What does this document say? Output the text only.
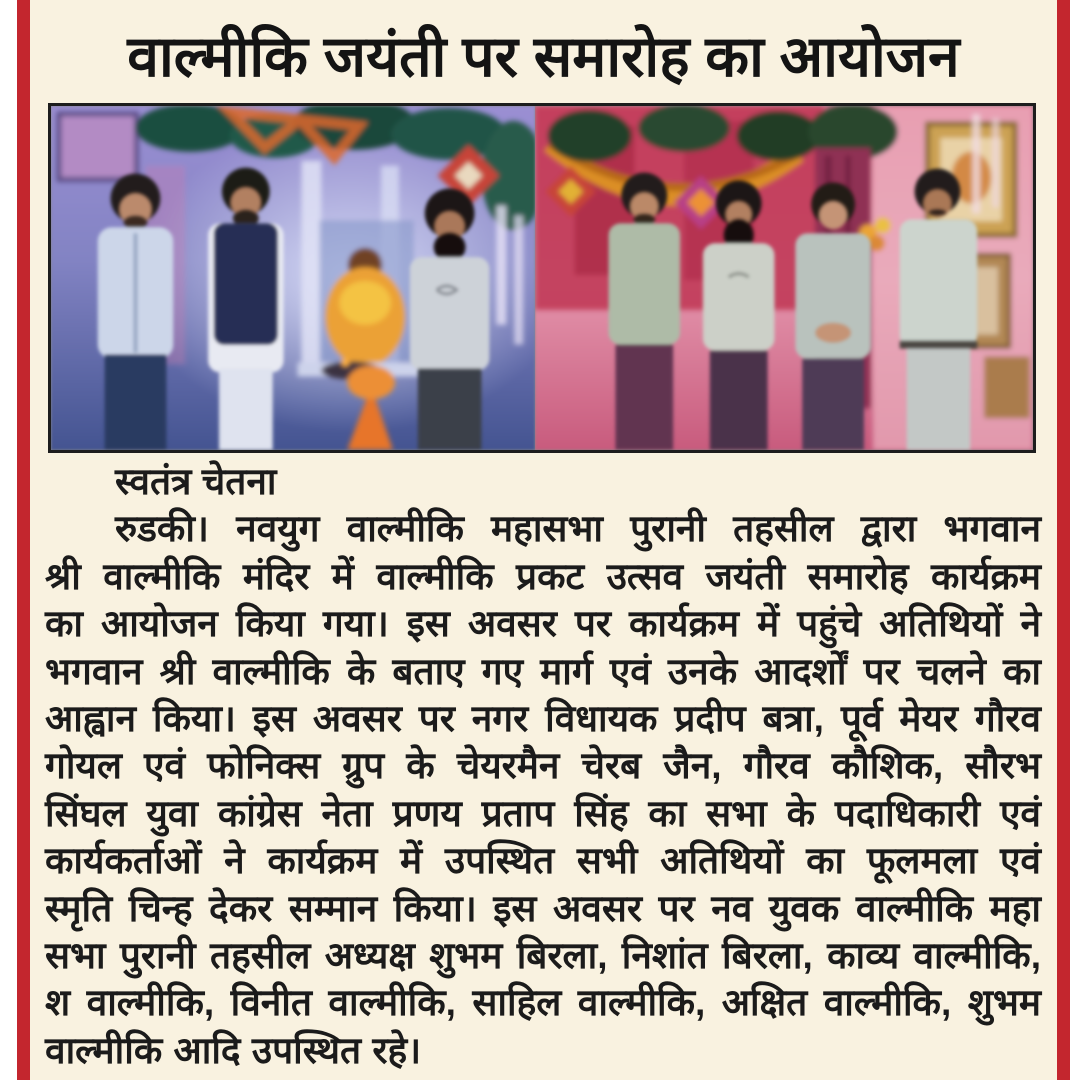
वाल्मीकि जयंती पर समारोह का आयोजन
स्वतंत्र चेतना
रुडकी। नवयुग वाल्मीकि महासभा पुरानी तहसील द्वारा भगवान
श्री वाल्मीकि मंदिर में वाल्मीकि प्रकट उत्सव जयंती समारोह कार्यक्रम
का आयोजन किया गया। इस अवसर पर कार्यक्रम में पहुंचे अतिथियों ने
भगवान श्री वाल्मीकि के बताए गए मार्ग एवं उनके आदर्शों पर चलने का
आह्वान किया। इस अवसर पर नगर विधायक प्रदीप बत्रा, पूर्व मेयर गौरव
गोयल एवं फोनिक्स ग्रुप के चेयरमैन चेरब जैन, गौरव कौशिक, सौरभ
सिंघल युवा कांग्रेस नेता प्रणय प्रताप सिंह का सभा के पदाधिकारी एवं
कार्यकर्ताओं ने कार्यक्रम में उपस्थित सभी अतिथियों का फूलमला एवं
स्मृति चिन्ह देकर सम्मान किया। इस अवसर पर नव युवक वाल्मीकि महा
सभा पुरानी तहसील अध्यक्ष शुभम बिरला, निशांत बिरला, काव्य वाल्मीकि,
श वाल्मीकि, विनीत वाल्मीकि, साहिल वाल्मीकि, अक्षित वाल्मीकि, शुभम
वाल्मीकि आदि उपस्थित रहे।
